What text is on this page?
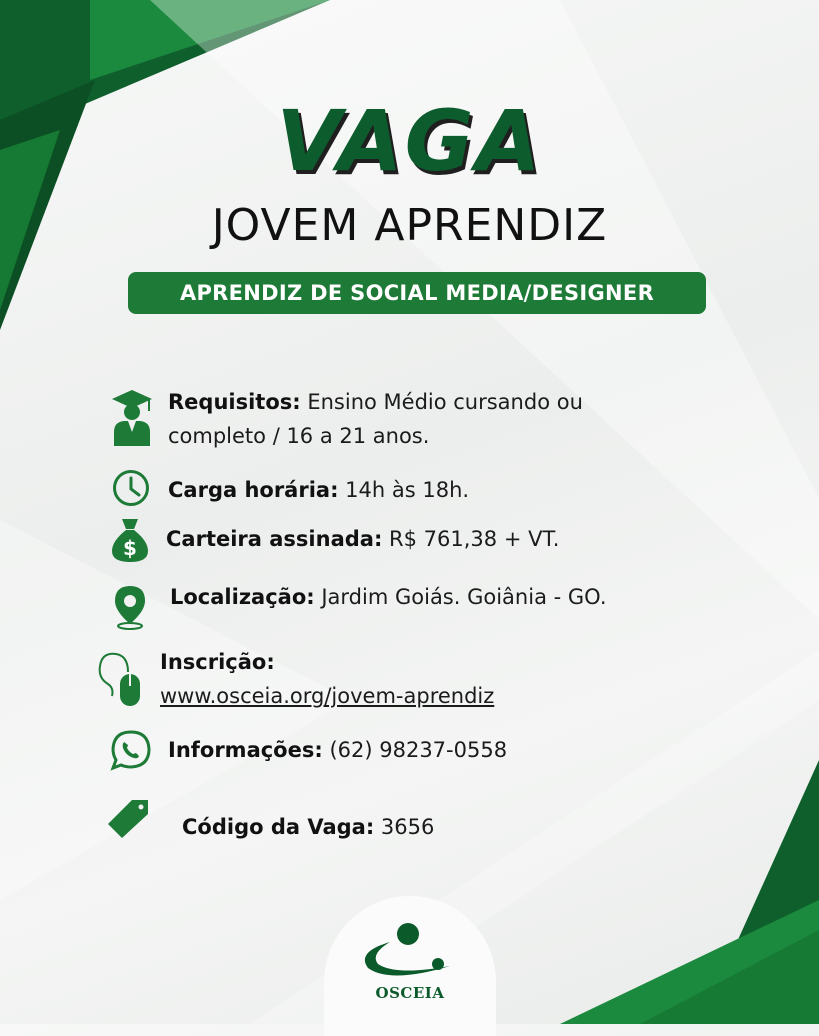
VAGA
JOVEM APRENDIZ
APRENDIZ DE SOCIAL MEDIA/DESIGNER
Requisitos: Ensino Médio cursando ou
completo / 16 a 21 anos.
Carga horária: 14h às 18h.
$ Carteira assinada: R$ 761,38 + VT.
Localização: Jardim Goiás. Goiânia - GO.
Inscrição:
www.osceia.org/jovem-aprendiz
Informações: (62) 98237-0558
Código da Vaga: 3656
OSCEIA
